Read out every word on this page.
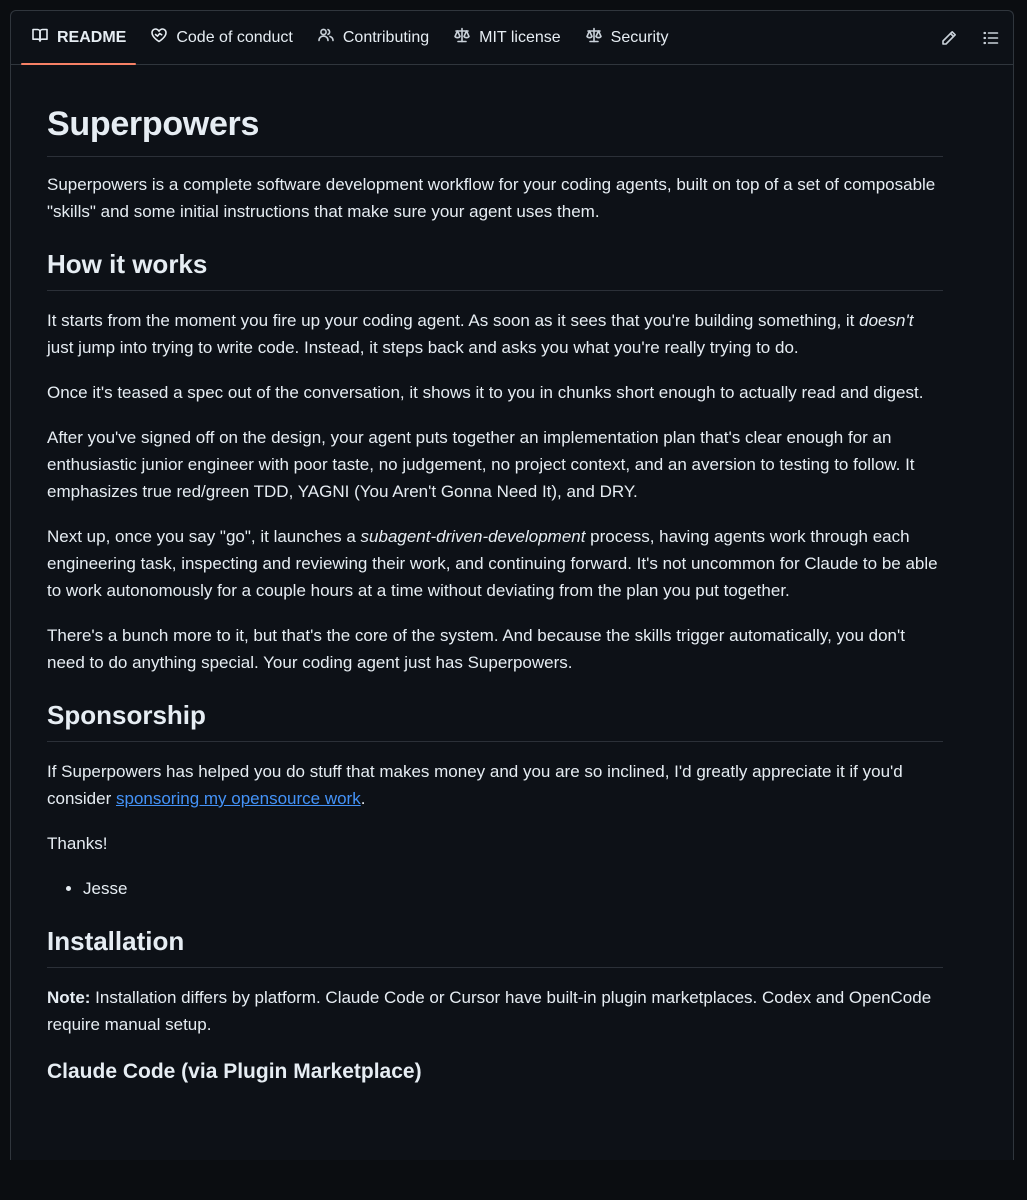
README	Code of conduct	Contributing	MIT license	Security
Superpowers

Superpowers is a complete software development workflow for your coding agents, built on top of a set of composable "skills" and some initial instructions that make sure your agent uses them.

How it works

It starts from the moment you fire up your coding agent. As soon as it sees that you're building something, it doesn't just jump into trying to write code. Instead, it steps back and asks you what you're really trying to do.

Once it's teased a spec out of the conversation, it shows it to you in chunks short enough to actually read and digest.

After you've signed off on the design, your agent puts together an implementation plan that's clear enough for an enthusiastic junior engineer with poor taste, no judgement, no project context, and an aversion to testing to follow. It emphasizes true red/green TDD, YAGNI (You Aren't Gonna Need It), and DRY.

Next up, once you say "go", it launches a subagent-driven-development process, having agents work through each engineering task, inspecting and reviewing their work, and continuing forward. It's not uncommon for Claude to be able to work autonomously for a couple hours at a time without deviating from the plan you put together.

There's a bunch more to it, but that's the core of the system. And because the skills trigger automatically, you don't need to do anything special. Your coding agent just has Superpowers.

Sponsorship

If Superpowers has helped you do stuff that makes money and you are so inclined, I'd greatly appreciate it if you'd consider sponsoring my opensource work.

Thanks!

• Jesse
Installation

Note: Installation differs by platform. Claude Code or Cursor have built-in plugin marketplaces. Codex and OpenCode require manual setup.

Claude Code (via Plugin Marketplace)
